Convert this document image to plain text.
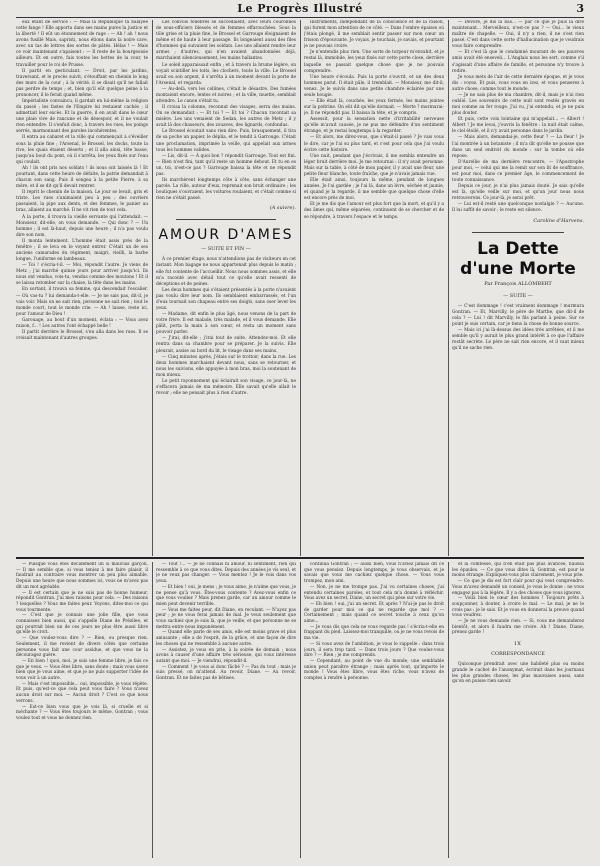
Le Progrès Illustré	3

eux étant de service : — Mais la République ta balayée cette fange ! Elle apporta dans ses mains pures la justice et la liberté ! Il eût un étonnement de rage : — Ah ! ah ! nous avons fusillé Mais, sapristi, nous étions dans la noire cave, avec un tas de lettres des sortes de pâtés. Hélas ! — Mais ce voir maintenant s'apaisent : — Il reste de la bourgeoisie ailleurs. Et en outre, fais toutes les bottes de la cour, te travailler pour le roi de Prusse.

Il partit en gesticulant. — Droit, par les jardins, traversant, et le procès suivit, s'étouffant en chemin le long des murs de la cour ; à la vérité, il se disait qu'il ne fallait pas perdre de temps ; et, bien qu'il eût quelque peine à la prononcer, il le ferait quand même.

Impérialiste convaincu, il gardait en lui-même la religion du passé ; les fastes de l'Empire lui restaient cachés ; il admettait leur excès. Et la guerre, il en avait dans le cœur une plaie vive de rancune et de désespoir, et il ne voulait rien entendre. Il s'enfuit donc, à travers les rues, les poings serrés, marmonnant des paroles incohérentes.

Il entra au cabaret et la ville qui commençait à s'éveiller sous la pluie fine ; l'Arsenal, le Brossel, les docks, toute la rive, les quais étaient déserts ; et il alla ainsi, tête basse, jusqu'au bout du pont, où il s'arrêta, les yeux fixés sur l'eau qui coulait.

Ah ! ils ont pris nos soldats ! ils nous ont laissés là ! Et pourtant, dans cette heure de défaite, la patrie demandait à chacun son sang. Puis il songea à la petite Pierre, à sa mère, et il se dit qu'il devait rentrer.

Il reprit le chemin de la maison. Le jour se levait, gris et triste. Les rues s'animaient peu à peu ; des ouvriers passaient, la pipe aux dents, et des femmes, le panier au bras, allaient au marché. Il ne vit rien de tout cela.

À la porte, il trouva la vieille servante qui l'attendait. — Monsieur, dit-elle, on vous demande. — Qui donc ? — Un homme ; il est là-haut, depuis une heure ; il n'a pas voulu dire son nom.

Il monta lentement. L'homme était assis près de la fenêtre ; il se leva en le voyant entrer. C'était un de ses anciens camarades du régiment, maigri, vieilli, la barbe longue, l'uniforme en lambeaux.

— Toi ! s'écria-t-il. — Moi, répondit l'autre. Je viens de Metz ; j'ai marché quinze jours pour arriver jusqu'ici. Ils nous ont vendus, vois-tu, vendus comme des moutons ! Et il se laissa retomber sur la chaise, la tête dans les mains.

En sortant, il trouva sa femme, qui descendait l'escalier. — Où vas-tu ? lui demanda-t-elle. — Je ne sais pas, dit-il, je vais voir. Mais on ne sait rien, personne ne sait rien ; tout le monde court, tout le monde crie. — Ah ! laisse, reste ici, pour l'amour de Dieu !

Garouage, au bout d'un moment, éclata : — Vous avez raison, f... ! Les autres l'ont échappé belle !

Il partit derrière le Brossel, s'en alla dans les rues. Il se croisait maintenant d'autres groupes.

Les convois fonèbres se succédaient, avec leurs couronnes de sous-officiers blessés et de femmes effarouchées. Sous la tôle grise et la pluie fine, le Brossel et Garrouge éloignaient de même et de haute à leur passage. Ils longeaient aussi des files d'hommes qui suivaient les soldats. Les uns allaient rendre leur armes ; d'autres, qui n'en avaient abandonnées déjà, marchaient silencieusement, les mains ballantes.

Le soleil apparaissait enfin ; et à travers la brume légère, on voyait scintiller les toits, les clochers, toute la ville. Le Brossel avait eu son argent, il s'arrêta à un moment devant la porte de l'Arsenal, et regarda.

— Au-delà, vers les collines, c'était le désastre. Des fumées montaient encore, lentes et noires ; et la ville, muette, semblait attendre. Le canon s'était tu.

Il croisa la colonne, reconnut des visages, serra des mains. On se demandait : — Et toi ? — Et toi ? Chacun racontait sa misère. Les uns venaient de Sedan, les autres de Metz ; il y avait là des chasseurs, des zouaves, des lignards, confondus.

Le Brossel écoutait sans rien dire. Puis, brusquement, il tira de sa poche un papier, le déplia, et le tendit à Garrouge. C'était une proclamation, imprimée la veille, qui appelait aux armes tous les hommes valides.

— Lis, dit-il. — À quoi bon ? répondit Garrouge. Tout est fini. — Rien n'est fini, tant qu'il reste un homme debout. Et tu en es un, toi, n'est-ce pas ? Garrouge baissa la tête et ne répondit pas.

Ils marchèrent longtemps côte à côte, sans échanger une parole. La ville, autour d'eux, reprenait son bruit ordinaire ; les boutiques s'ouvraient, les voitures roulaient, et c'était comme si rien ne s'était passé.

(A suivre).
AMOUR D'AMES
— SUITE ET FIN —

À ce premier étage, nous n'attendions pas de visiteurs en cet instant. Mon bagage ne nous appartenait plus depuis le matin ; elle fut contente de l'accueillir. Nous nous sommes assis, et elle m'a raconté avec détail tout ce qu'elle avait ressenti de déceptions et de peines.

Les deux hommes qui s'étaient présentés à la porte n'avaient pas voulu dire leur nom. Ils semblaient embarrassés, et l'un d'eux tournait son chapeau entre ses doigts, sans oser lever les yeux.

— Madame, dit enfin le plus âgé, nous venons de la part de votre frère. Il est malade, très malade, et il vous demande. Elle pâlit, porta la main à son cœur, et resta un moment sans pouvoir parler.

— J'irai, dit-elle ; j'irai tout de suite. Attendez-moi. Et elle rentra dans sa chambre pour se préparer. Je la suivis. Elle pleurait, assise au bord du lit, le visage dans ses mains.

— Cinq minutes après, j'étais sur le trottoir, dans la rue. Les deux hommes marchaient devant nous, sans se retourner, et nous les suivions, elle appuyée à mon bras, moi la soutenant de mon mieux.

Le petit rayonnement qui éclairait son visage, ce jour-là, ne s'effacera jamais de ma mémoire. Elle savait qu'elle allait le revoir ; elle ne pensait plus à rien d'autre.

Instruments, indépendant de la conscience et de la raison, qui furent mon attention de ce côté. — Dans l'ombre épaisse où j'étais plongé, il me semblait sentir passer sur mon cœur un frisson d'épouvante. Je voyais, je touchais, je savais, et pourtant je ne pouvais croire.

Je n'entendis plus rien. Une sorte de torpeur m'envahit, et je restai là, immobile, les yeux fixés sur cette porte close, derrière laquelle se passait quelque chose que je ne pouvais comprendre.

Une heure s'écoula. Puis la porte s'ouvrit, et un des deux hommes parut. Il était pâle, il tremblait. — Monsieur, me dit-il, venez. Je le suivis dans une petite chambre éclairée par une seule bougie.

— Elle était là, couchée, les yeux fermés, les mains jointes sur la poitrine. On eût dit qu'elle dormait. — Morte ? murmurai-je. Il ne répondit pas. Il baissa la tête, et je compris.

Assessit, pour la sensation nette d'irritabilité nerveuse qu'elle m'avait causée, je ne pus me défendre d'un sentiment étrange, et je restai longtemps à la regarder.

— Et alors, me direz-vous, que s'était-il passé ? Je vais vous le dire, car je l'ai su plus tard, et c'est pour cela que j'ai voulu écrire cette histoire.

Une nuit, pendant que j'écrivais, il me sembla entendre un léger bruit derrière moi. Je me retournai : il n'y avait personne. Mais sur la table, à côté de mon papier, il y avait une fleur, une petite fleur blanche, toute fraîche, que je n'avais jamais vue.

Elle était ainsi, toujours la même, pendant de longues années. Je l'ai gardée ; je l'ai là, dans un livre, séchée et jaunie, et quand je la regarde, il me semble que quelque chose d'elle est encore près de moi.

Et je me dis que l'amour est plus fort que la mort, et qu'il y a des âmes qui, même séparées, continuent de se chercher et de se répondre, à travers l'espace et le temps.

— Dévoré, je dis là bas... — par ce que je puis la dire maintenant... Merveilleux, n'est-ce pas ? — Oui... le vieux maître de chapelle. — Oui, il n'y a rien, il ne s'est rien passé. C'est dans cette sorte d'hallucination que je voudrais vous faire comprendre.

— Et c'est là que le condamné mourant de ses pauvres amis avait été enseveli... L'Anglais nous les sert, comme s'il s'agissait d'une affaire de famille, et personne n'y trouve à redire.

Je vous mets de l'air de cette dernière époque, et je vous dis : voyez. Et puis, vous vous en irez, et vous penserez à autre chose, comme tout le monde.

— Je ne sais plus de ma chambre, dit-il, mais je n'ai rien oublié. Les souvenirs de cette nuit sont restés gravés en moi comme au fer rouge. J'ai vu, j'ai entendu, et je ne puis plus douter.

Et puis, cette voix lointaine qui m'appelait... — Albert ! Albert ! Je me levai, j'ouvris la fenêtre : la nuit était calme, le ciel étoilé, et il n'y avait personne dans le jardin.

— Mais alors, demandai-je, cette fleur ? — La fleur ! Je l'ai montrée à un botaniste ; il m'a dit qu'elle ne pousse que dans un seul endroit du monde : sur la tombe où elle repose.

D'Aurellie de ma dernière rencontre, — l'Apostrophe pour moi, — celui qui me la remit sur son lit de souffrance, est pour moi, dans ce premier âge, le commencement de toute connaissance.

Depuis ce jour, je n'ai plus jamais douté. Je sais qu'elle est là, qu'elle veille sur moi, et qu'un jour nous nous retrouverons. Ce jour-là, je serai prêt.

— Lui est-il resté une quelconque nostalgie ? — Aucune. Il lui suffit de savoir ; le reste est silence.

Caroline d'Harvens.
La Dette d'une Morte
Par François ALLOMBERT
— SUITE —

— C'est dommage ! c'est vraiment dommage ! murmura Gontran. — Et, Marvilly, le père de Marthe, que dit-il de cela ? — Lui ! dit Marvilly, le fils parlant à peine. Sur ce point je suis certain, car je tiens la chose de bonne source.

— Mais ici j'ai là-dessus des idées très arrêtées, et il me semble qu'il y aurait le plus grand intérêt à ce que l'affaire restât secrète. Le père ne sait rien encore, et il vaut mieux qu'il ne sache rien.

— Puisque vous êtes décidément un si mauvais garçon, — Il me semble que, si vous teniez à me faire plaisir, il faudrait au contraire vous montrer un peu plus aimable. Depuis une heure que nous sommes ici, vous ne m'avez pas dit un mot agréable.

— Il est certain que je ne suis pas de bonne humeur, répondit Gontran. J'ai mes raisons pour cela. — Des raisons ? lesquelles ? Vous me faites peur. Voyons, dites-moi ce qui vous tourmente.

— C'est que je connais une jolie fille, que vous connaissez bien aussi, qui s'appelle Diane de Prézilee, et qui pourrait bien un de ces jours ne plus être aussi libre qu'elle le croit.

— Que voulez-vous dire ? — Rien, ou presque rien. Seulement, il me revient de divers côtés que certaine personne vous fait une cour assidue, et que vous ne la découragez guère.

— En bien ! quoi, moi, je suis une femme libre, je fais ce que je veux. — Vous êtes libre, sans doute ; mais vous savez bien que je vous aime, et que je ne puis supporter l'idée de vous voir à un autre.

— Mais c'est impossible... oui, impossible, je vous répète. Et puis, qu'est-ce que cela peut vous faire ? Vous n'avez aucun droit sur moi. — Aucun droit ? C'est ce que nous verrons.

— Est-ce bien vous que je vois là, si cruelle et si méchante ? — Vous êtes toujours le même, Gontran ; vous voulez tout et vous ne donnez rien.

— Tout !... — Je ne connais ni amour, ni sentiment, rien qui ressemble à ce que vous dites. Depuis des années je vis seul, et je ne veux pas changer. — Vous mentez ! Je le vois dans vos yeux.

— Et bien ! oui, je mens ; je vous aime, je n'aime que vous, je ne pense qu'à vous. Êtes-vous contente ? Avez-vous enfin ce que vous vouliez ? Mais prenez garde, car un amour comme le mien peut devenir terrible.

— Vous me faites peur, dit Diane, en reculant. — N'ayez pas peur ; je ne vous ferai jamais de mal. Je veux seulement que vous sachiez que je suis là, que je veille, et que personne ne se mettra entre nous impunément.

— Quand elle parle de ses amis, elle est moins grave et plus amusante ; elle a de l'esprit, de la grâce, et une façon de dire les choses qui ne ressemble à aucune autre.

— Assistez, je vous en prie, à la soirée de demain ; nous avons à causer d'une affaire très sérieuse, qui vous intéresse autant que moi. — Je viendrai, répondit-il.

— Comment ! je vous ai donc fâché ? — Pas du tout ; mais je suis pressé, on m'attend. Au revoir, Diane. — Au revoir, Gontran. Et ne faites pas de bêtises.

continua Gontran ; — aussi bien, vous n'aviez jamais dit ce que vous pensiez. Depuis longtemps, je vous observais, et je savais que vous me cachiez quelque chose. — Vous vous trompez, mon ami.

— Non, je ne me trompe pas. J'ai vu certaines choses, j'ai entendu certaines paroles, et tout cela m'a donné à réfléchir. Vous avez un secret, Diane, un secret qui pèse sur votre vie.

— Eh bien ! oui, j'ai un secret. Et après ? N'ai-je pas le droit de garder pour moi ce qui ne regarde que moi ? — Certainement ; mais quand ce secret touche à ceux qu'on aime...

— Je vous dis que cela ne vous regarde pas ! s'écria-t-elle en frappant du pied. Laissez-moi tranquille, ou je ne vous revois de ma vie.

— Si vous avez de l'ambition, je vous le rappelle : dans trois jours, il sera trop tard. — Dans trois jours ? Que voulez-vous dire ? — Rien ; je me comprends.

— Cependant, au point de vue du monde, une semblable union peut paraître étrange ; mais après tout, qu'importe le monde ! Vous êtes libre, vous êtes riche, vous n'avez de comptes à rendre à personne.

et la comtesse, qui n'en était pas plus avancée, haussa les épaules. — Ce que vous dites là, Gontran, est pour le moins étrange. Expliquez-vous plus clairement, je vous prie.

— Ce que je dis est fort clair pour qui veut comprendre. Vous m'avez demandé un conseil, je vous le donne : ne vous engagez pas à la légère. Il y a des choses que vous ignorez.

— Voilà bien le cœur des hommes ! Toujours prêts à soupçonner, à douter, à croire le mal. — Le mal, je ne le crois pas : je le sais. Et je vous en donnerai la preuve quand vous voudrez.

— Je ne vous demande rien. — Si, vous me demanderez bientôt, et alors il faudra me croire. Ah ! Diane, Diane, prenez garde !

IX
CORRESPONDANCE

Quiconque prendrait avec une habileté plus ou moins grande le cachet de l'anonymat, écrirait dans les journaux les plus grandes choses, les plus mauvaises aussi, sans qu'on en puisse rien savoir.
